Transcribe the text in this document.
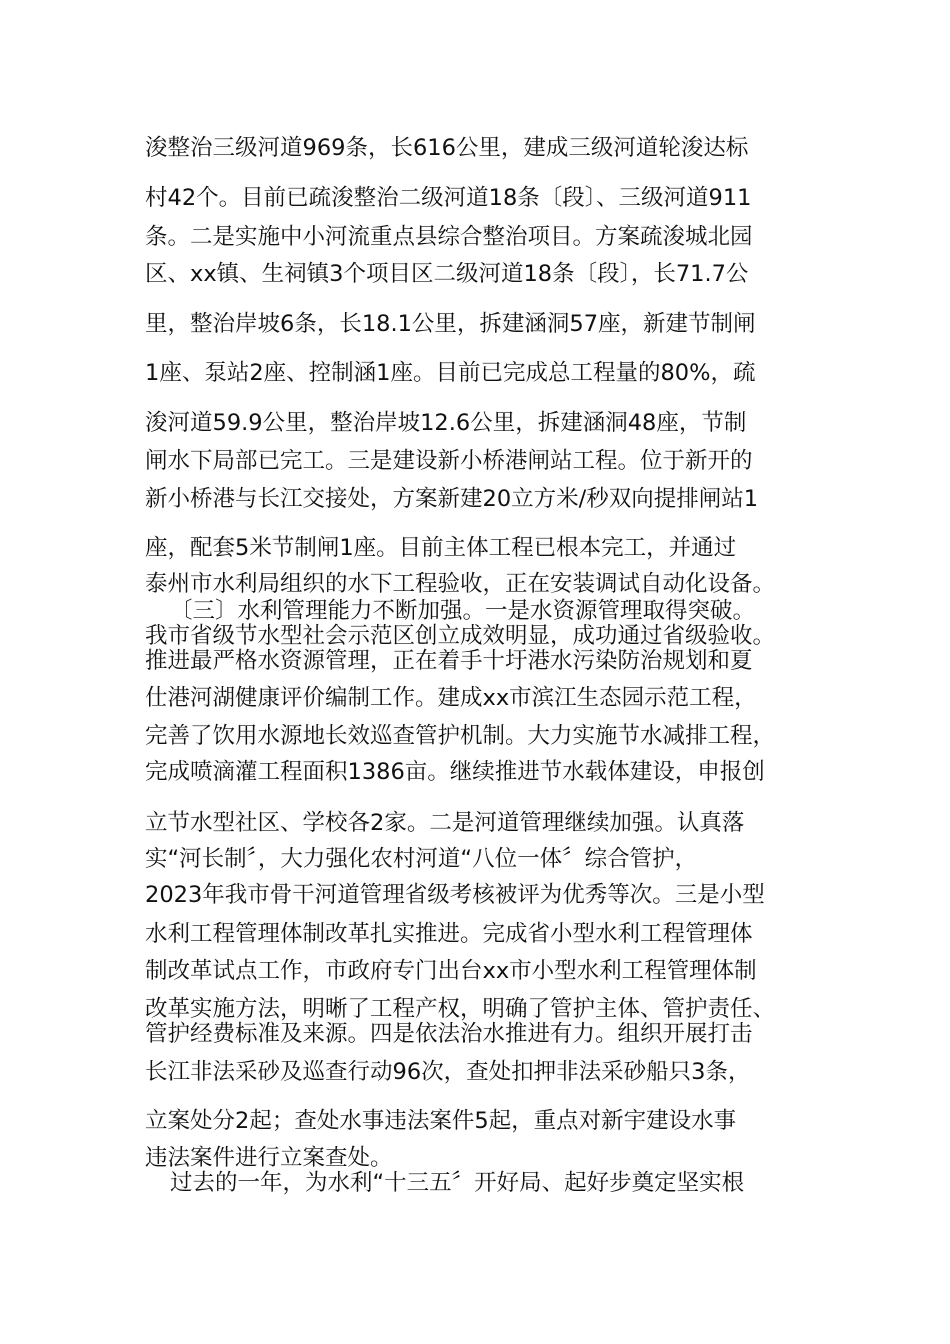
浚整治三级河道969条，长616公里，建成三级河道轮浚达标
村42个。目前已疏浚整治二级河道18条〔段〕、三级河道911
条。二是实施中小河流重点县综合整治项目。方案疏浚城北园
区、xx镇、生祠镇3个项目区二级河道18条〔段〕，长71.7公
里，整治岸坡6条，长18.1公里，拆建涵洞57座，新建节制闸
1座、泵站2座、控制涵1座。目前已完成总工程量的80%，疏
浚河道59.9公里，整治岸坡12.6公里，拆建涵洞48座，节制
闸水下局部已完工。三是建设新小桥港闸站工程。位于新开的
新小桥港与长江交接处，方案新建20立方米/秒双向提排闸站1
座，配套5米节制闸1座。目前主体工程已根本完工，并通过
泰州市水利局组织的水下工程验收，正在安装调试自动化设备。
〔三〕水利管理能力不断加强。一是水资源管理取得突破。
我市省级节水型社会示范区创立成效明显，成功通过省级验收。
推进最严格水资源管理，正在着手十圩港水污染防治规划和夏
仕港河湖健康评价编制工作。建成xx市滨江生态园示范工程，
完善了饮用水源地长效巡查管护机制。大力实施节水减排工程，
完成喷滴灌工程面积1386亩。继续推进节水载体建设，申报创
立节水型社区、学校各2家。二是河道管理继续加强。认真落
实“河长制〞，大力强化农村河道“八位一体〞综合管护，
2023年我市骨干河道管理省级考核被评为优秀等次。三是小型
水利工程管理体制改革扎实推进。完成省小型水利工程管理体
制改革试点工作，市政府专门出台xx市小型水利工程管理体制
改革实施方法，明晰了工程产权，明确了管护主体、管护责任、
管护经费标准及来源。四是依法治水推进有力。组织开展打击
长江非法采砂及巡查行动96次，查处扣押非法采砂船只3条，
立案处分2起；查处水事违法案件5起，重点对新宇建设水事
违法案件进行立案查处。
过去的一年，为水利“十三五〞开好局、起好步奠定坚实根
